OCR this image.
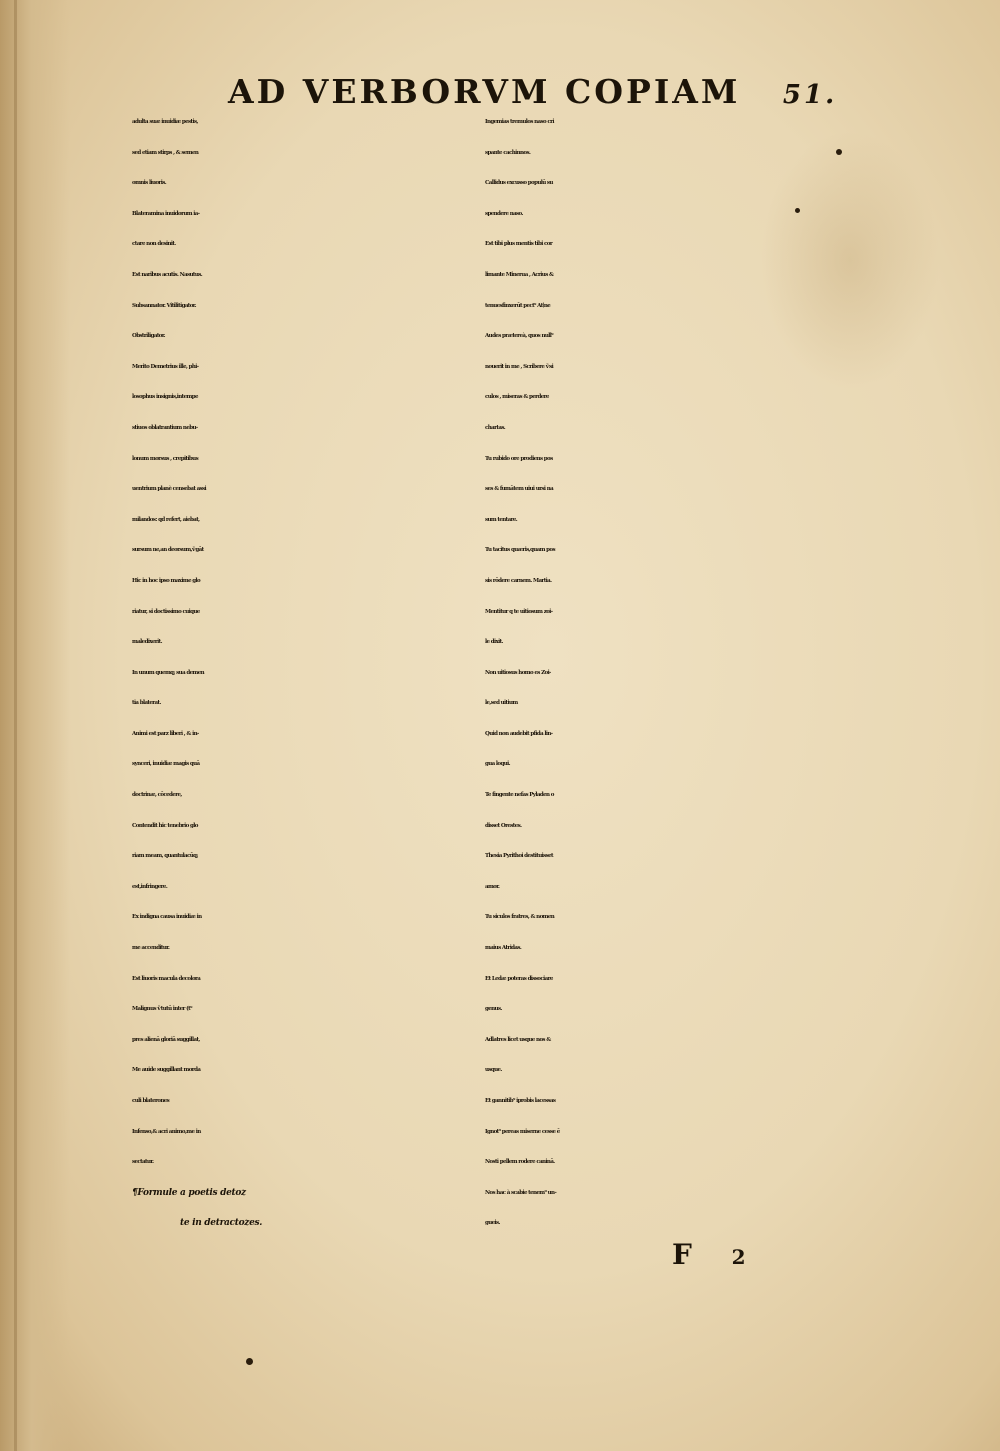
AD VERBORVM COPIAM 51.
adulta suæ inuidiæ pestis,
sed etiam stirps , & semen
omnis liuoris.
Blateramina inuidorum ia-
ctare non desinit.
Est naribus acutis. Nasutus.
Subsannator. Vitilitigator.
Obstriligator.
Merito Demetrius ille, phi-
losophus insignis,intempe
stiuos oblatrantium nebu-
lonum morsus , crepitibus
uentrium planè censebat assi
milandos: qd refert, aiebat,
sursum ne,an deorsum,ѷgāt
Hic in hoc ipso maxime glo
riatur, si doctissimo cuique
maledixerit.
In unum quemq; sua demen
tia blaterat.
Animi est parz liberi , & in-
synceri, inuidiæ magis quā
doctrinæ, cōcedere,
Contendit hic tenebrio glo
riam meam, quantulacūq;
est,infringere.
Ex indigna causa inuidiæ in
me accenditur.
Est liuoris macula decolora
Malignus ѷtutū inter (t⁹
pres alienā gloriā suggillat,
Me auide suggillant morda
culi blaterones
Infenso,& acri animo,me in
sectatur.
¶Formule a poetis detoz
te in detractozes.
Ingemias tremulos naso cri
spante cachinnos.
Callidus excusso populū su
spendere naso.
Est tibi plus mentis tibi cor
limante Minerua , Acrius &
tenuesfinxerūt pect⁹ At∣ne
Audes prætereà, quos null⁹
nouerit in me , Scribere ѷsi
culos , miseras & perdere
chartas.
Tu rubido ore prodiens pos
ses & fumātem uiui ursi na
sum tentare.
Tu tacitus quæris,quam pos
sis rōdere carnem. Martia.
Mentitur q te uitiosum zoi-
le dixit.
Non uitiosus homo es Zoi-
le,sed uitium
Quid non audebit pfida lin-
gua loqui.
Te fingente nefas Pyladen o
disset Orestes.
Thesia Pyrithoi destituisset
amor.
Tu siculos fratres, & nomen
maius Atridas.
Et Ledæ poteras dissociare
genus.
Adlatres licet usque nos &
usque.
Et gannitib⁹ iprobis lacessas
Ignot⁹ pereas miserne cesse ē
Nosti pellem rodere caninā.
Nos hac à scabie tenem⁹ un-
gueis.
F 2
